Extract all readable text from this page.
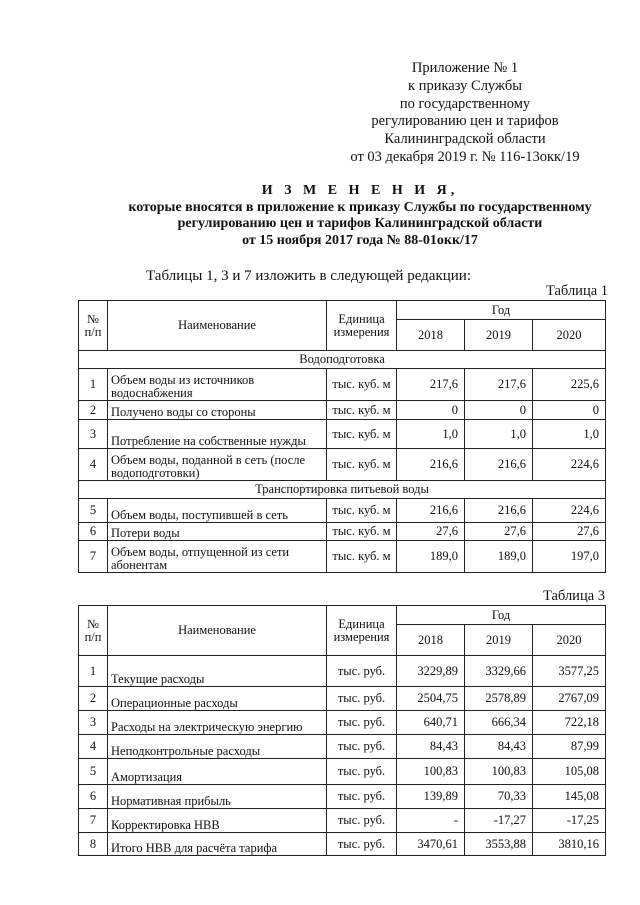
Приложение № 1
к приказу Службы
по государственному
регулированию цен и тарифов
Калининградской области
от 03 декабря 2019 г. № 116-13окк/19
И З М Е Н Е Н И Я,
которые вносятся в приложение к приказу Службы по государственному
регулированию цен и тарифов Калининградской области
от 15 ноября 2017 года № 88-01окк/17
Таблицы 1, 3 и 7 изложить в следующей редакции:
Таблица 1
№ п/п	Наименование	Единица измерения	Год		
			2018	2019	2020
Водоподготовка					
1	Объем воды из источников водоснабжения	тыс. куб. м	217,6	217,6	225,6
2	Получено воды со стороны	тыс. куб. м	0	0	0
3	Потребление на собственные нужды	тыс. куб. м	1,0	1,0	1,0
4	Объем воды, поданной в сеть (после водоподготовки)	тыс. куб. м	216,6	216,6	224,6
Транспортировка питьевой воды					
5	Объем воды, поступившей в сеть	тыс. куб. м	216,6	216,6	224,6
6	Потери воды	тыс. куб. м	27,6	27,6	27,6
7	Объем воды, отпущенной из сети абонентам	тыс. куб. м	189,0	189,0	197,0
Таблица 3
№ п/п	Наименование	Единица измерения	Год		
			2018	2019	2020
1	Текущие расходы	тыс. руб.	3229,89	3329,66	3577,25
2	Операционные расходы	тыс. руб.	2504,75	2578,89	2767,09
3	Расходы на электрическую энергию	тыс. руб.	640,71	666,34	722,18
4	Неподконтрольные расходы	тыс. руб.	84,43	84,43	87,99
5	Амортизация	тыс. руб.	100,83	100,83	105,08
6	Нормативная прибыль	тыс. руб.	139,89	70,33	145,08
7	Корректировка НВВ	тыс. руб.	-	-17,27	-17,25
8	Итого НВВ для расчёта тарифа	тыс. руб.	3470,61	3553,88	3810,16
